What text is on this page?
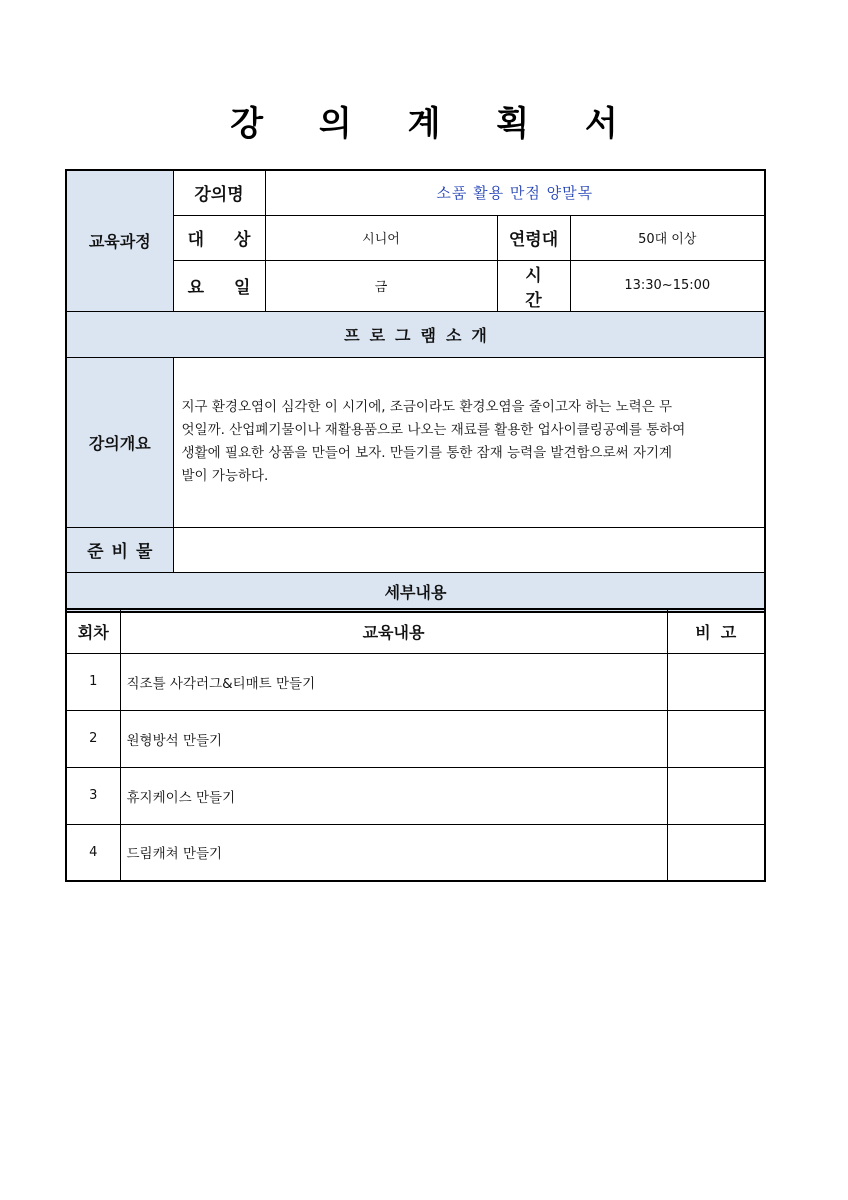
강 의 계 획 서
교육과정	강의명	소품 활용 만점 양말목		
	대 상	시니어	연령대	50대 이상
	요 일	금	시 간	13:30~15:00
프로그램소개				
강의개요	지구 환경오염이 심각한 이 시기에, 조금이라도 환경오염을 줄이고자 하는 노력은 무
엇일까. 산업폐기물이나 재활용품으로 나오는 재료를 활용한 업사이클링공예를 통하여
생활에 필요한 상품을 만들어 보자. 만들기를 통한 잠재 능력을 발견함으로써 자기계
발이 가능하다.			

준비물				
세부내용				
회차	교육내용	비고
1	직조틀 사각러그&티매트 만들기	
2	원형방석 만들기	
3	휴지케이스 만들기	
4	드림캐쳐 만들기	
